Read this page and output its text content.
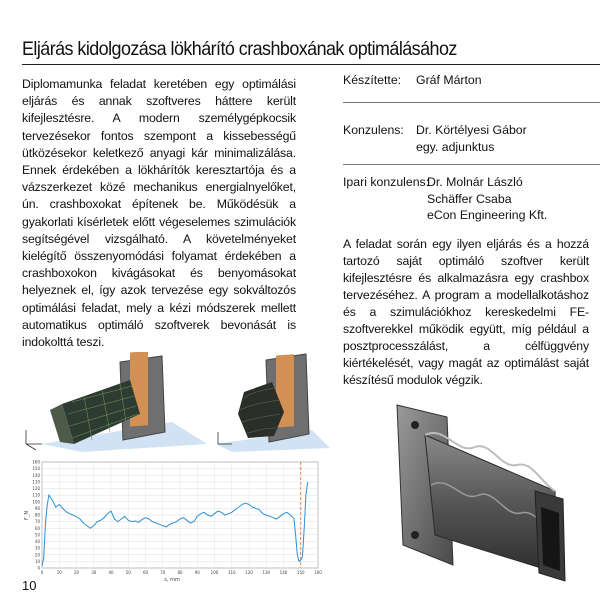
Eljárás kidolgozása lökhárító crashboxának optimálásához
Diplomamunka feladat keretében egy optimálási eljárás és annak szoftveres háttere került kifejlesztésre. A modern személygépkocsik tervezésekor fontos szempont a kissebességű ütközésekor keletkező anyagi kár minimalizálása. Ennek érdekében a lökhárítók keresztartója és a vázszerkezet közé mechanikus energialnyelőket, ún. crashboxokat építenek be. Működésük a gyakorlati kísérletek előtt végeselemes szimulációk segítségével vizsgálható. A követelményeket kielégítő összenyomódási folyamat érdekében a crashboxokon kivágásokat és benyomásokat helyeznek el, így azok tervezése egy sokváltozós optimálási feladat, mely a kézi módszerek mellett automatikus optimáló szoftverek bevonását is indokolttá teszi.
Készítette: Gráf Márton
Konzulens: Dr. Körtélyesi Gábor
egy. adjunktus
Ipari konzulens:
Dr. Molnár László
Schäffer Csaba
eCon Engineering Kft.
A feladat során egy ilyen eljárás és a hozzá tartozó saját optimáló szoftver került kifejlesztésre és alkalmazásra egy crashbox tervezéséhez. A program a modellalkotáshoz és a szimulációkhoz kereskedelmi FE-szoftverekkel működik együtt, míg például a posztprocesszálást, a célfüggvény kiértékelését, vagy magát az optimálást saját készítésű modulok végzik.
160
150
140
130
120
110
100
90
80
70
60
50
40
30
20
10
0
0	10	20	30	40	50	60	70	80	90	100 110 120 130 140 150 160
F_N
s, mm
10
